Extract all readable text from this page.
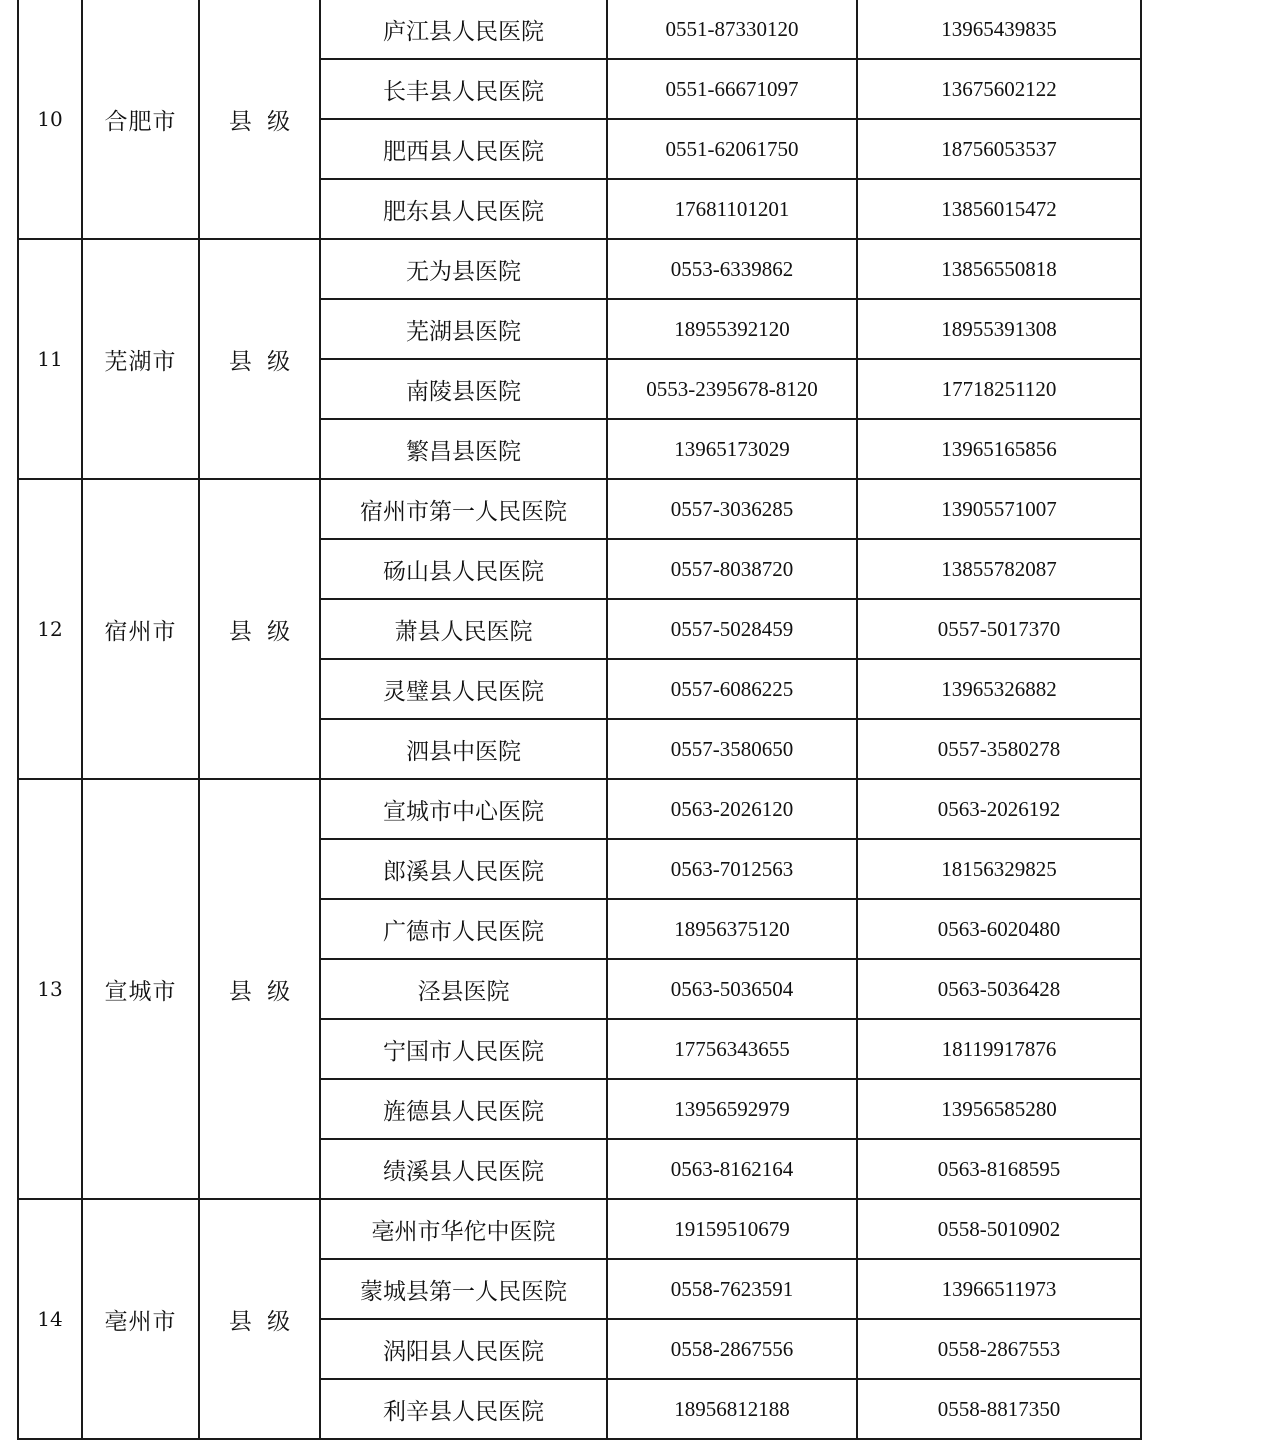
10	合肥市	县 级	庐江县人民医院	0551-87330120	13965439835
			长丰县人民医院	0551-66671097	13675602122
			肥西县人民医院	0551-62061750	18756053537
			肥东县人民医院	17681101201	13856015472
11	芜湖市	县 级	无为县医院	0553-6339862	13856550818
			芜湖县医院	18955392120	18955391308
			南陵县医院	0553-2395678-8120	17718251120
			繁昌县医院	13965173029	13965165856
12	宿州市	县 级	宿州市第一人民医院	0557-3036285	13905571007
			砀山县人民医院	0557-8038720	13855782087
			萧县人民医院	0557-5028459	0557-5017370
			灵璧县人民医院	0557-6086225	13965326882
			泗县中医院	0557-3580650	0557-3580278
13	宣城市	县 级	宣城市中心医院	0563-2026120	0563-2026192
			郎溪县人民医院	0563-7012563	18156329825
			广德市人民医院	18956375120	0563-6020480
			泾县医院	0563-5036504	0563-5036428
			宁国市人民医院	17756343655	18119917876
			旌德县人民医院	13956592979	13956585280
			绩溪县人民医院	0563-8162164	0563-8168595
14	亳州市	县 级	亳州市华佗中医院	19159510679	0558-5010902
			蒙城县第一人民医院	0558-7623591	13966511973
			涡阳县人民医院	0558-2867556	0558-2867553
			利辛县人民医院	18956812188	0558-8817350
